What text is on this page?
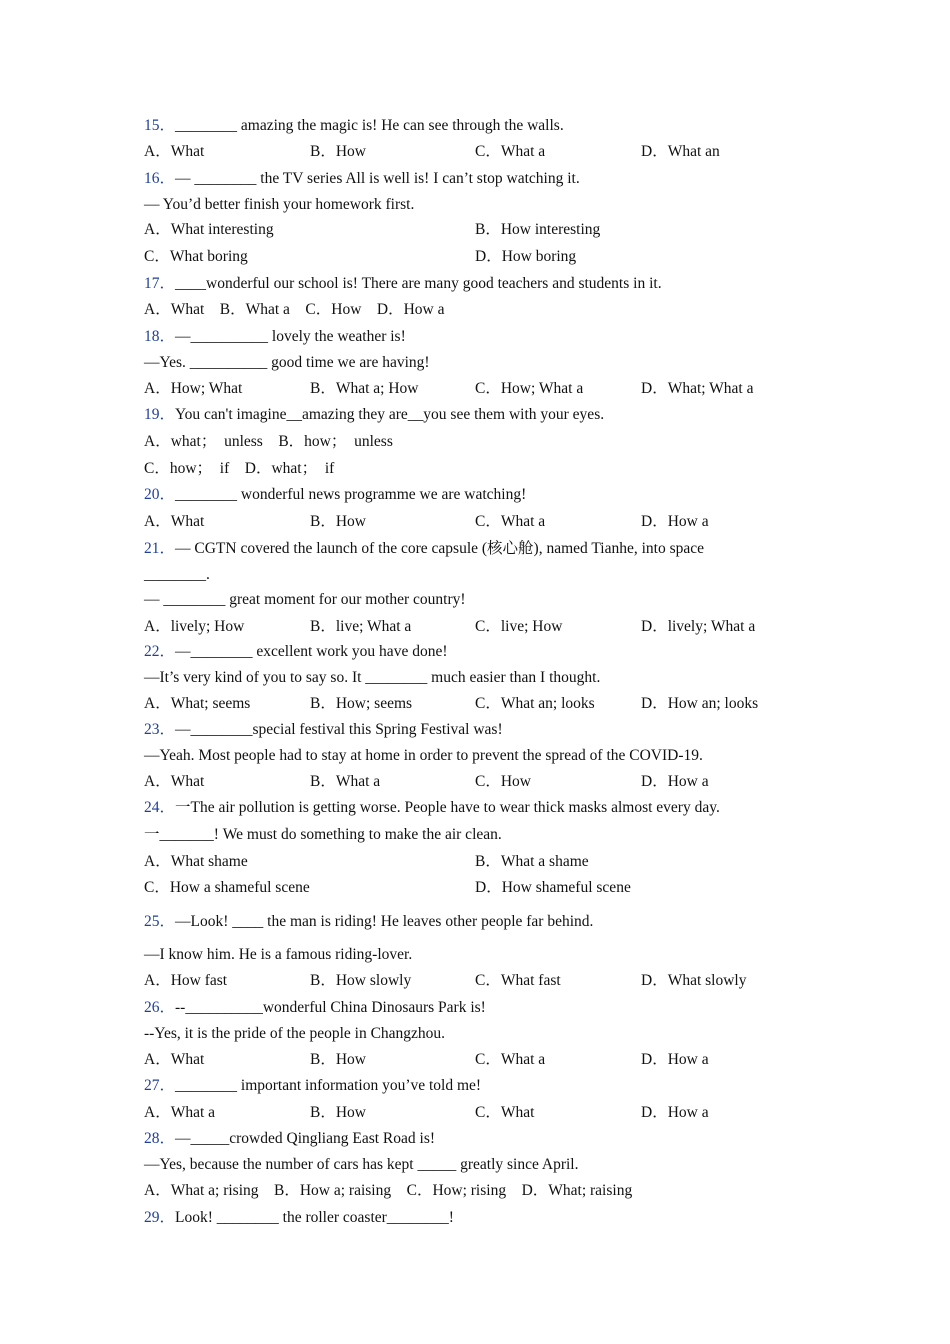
15．________ amazing the magic is! He can see through the walls.
A．What	B．How	C．What a	D．What an
16．— ________ the TV series All is well is! I can’t stop watching it.
— You’d better finish your homework first.
A．What interesting	B．How interesting
C．What boring	D．How boring
17．____wonderful our school is! There are many good teachers and students in it.
A．What    B．What a    C．How    D．How a
18．—__________ lovely the weather is!
—Yes. __________ good time we are having!
A．How; What	B．What a; How	C．How; What a	D．What; What a
19．You can't imagine__amazing they are__you see them with your eyes.
A．what；  unless    B．how；  unless
C．how；  if    D．what；  if
20．________ wonderful news programme we are watching!
A．What	B．How	C．What a	D．How a
21．— CGTN covered the launch of the core capsule (核心舱), named Tianhe, into space
________.
— ________ great moment for our mother country!
A．lively; How	B．live; What a	C．live; How	D．lively; What a
22．—________ excellent work you have done!
—It’s very kind of you to say so. It ________ much easier than I thought.
A．What; seems	B．How; seems	C．What an; looks	D．How an; looks
23．—________special festival this Spring Festival was!
—Yeah. Most people had to stay at home in order to prevent the spread of the COVID-19.
A．What	B．What a	C．How	D．How a
24．一The air pollution is getting worse. People have to wear thick masks almost every day.
一_______! We must do something to make the air clean.
A．What shame	B．What a shame
C．How a shameful scene	D．How shameful scene
25．—Look! ____ the man is riding! He leaves other people far behind.
—I know him. He is a famous riding-lover.
A．How fast	B．How slowly	C．What fast	D．What slowly
26．--__________wonderful China Dinosaurs Park is!
--Yes, it is the pride of the people in Changzhou.
A．What	B．How	C．What a	D．How a
27．________ important information you’ve told me!
A．What a	B．How	C．What	D．How a
28．—_____crowded Qingliang East Road is!
—Yes, because the number of cars has kept _____ greatly since April.
A．What a; rising    B．How a; raising    C．How; rising    D．What; raising
29．Look! ________ the roller coaster________!
